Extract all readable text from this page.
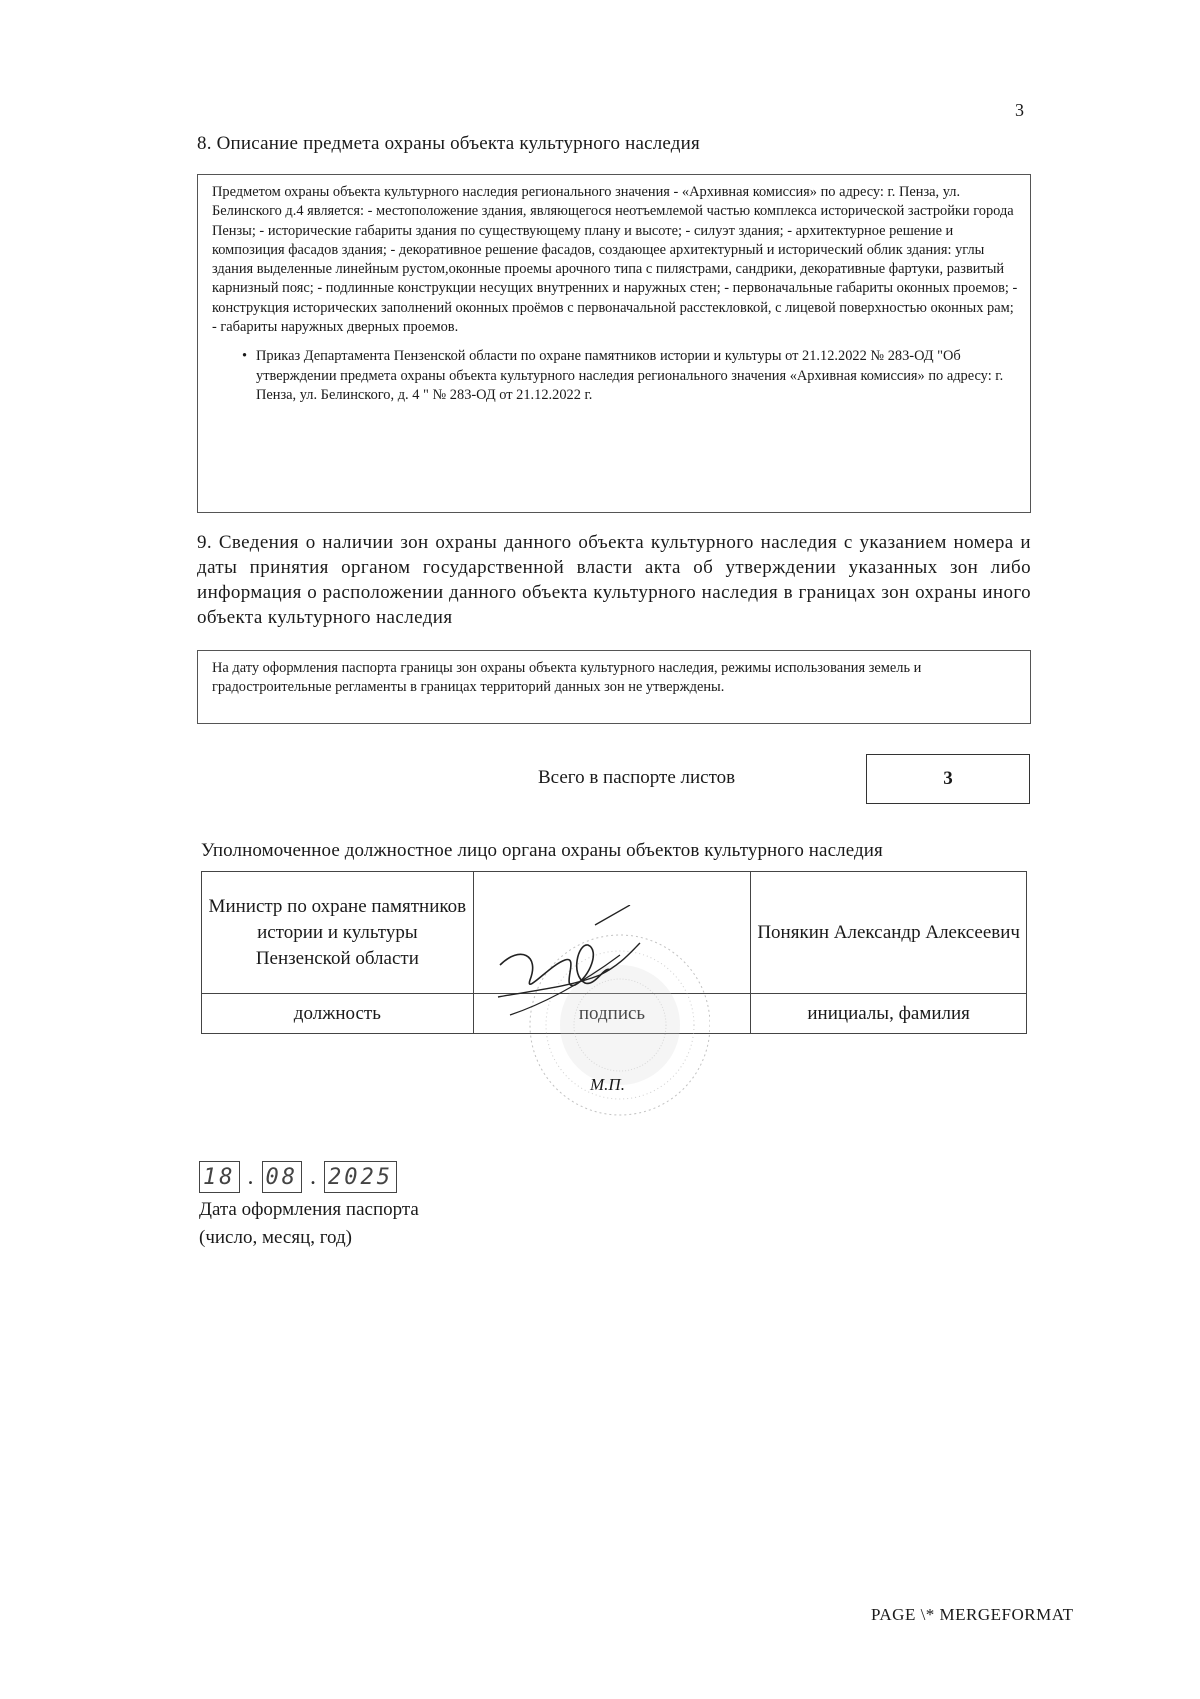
3
8. Описание предмета охраны объекта культурного наследия

Предметом охраны объекта культурного наследия регионального значения - «Архивная комиссия» по адресу: г. Пенза, ул. Белинского д.4 является: - местоположение здания, являющегося неотъемлемой частью комплекса исторической застройки города Пензы; - исторические габариты здания по существующему плану и высоте; - силуэт здания; - архитектурное решение и композиция фасадов здания; - декоративное решение фасадов, создающее архитектурный и исторический облик здания: углы здания выделенные линейным рустом,оконные проемы арочного типа с пилястрами, сандрики, декоративные фартуки, развитый карнизный пояс; - подлинные конструкции несущих внутренних и наружных стен; - первоначальные габариты оконных проемов; - конструкция исторических заполнений оконных проёмов с первоначальной расстекловкой, с лицевой поверхностью оконных рам; - габариты наружных дверных проемов.

• Приказ Департамента Пензенской области по охране памятников истории и культуры от 21.12.2022 № 283-ОД "Об утверждении предмета охраны объекта культурного наследия регионального значения «Архивная комиссия» по адресу: г. Пенза, ул. Белинского, д. 4 " № 283-ОД от 21.12.2022 г.
9. Сведения о наличии зон охраны данного объекта культурного наследия с указанием номера и даты принятия органом государственной власти акта об утверждении указанных зон либо информация о расположении данного объекта культурного наследия в границах зон охраны иного объекта культурного наследия

На дату оформления паспорта границы зон охраны объекта культурного наследия, режимы использования земель и градостроительные регламенты в границах территорий данных зон не утверждены.

Всего в паспорте листов	3
Уполномоченное должностное лицо органа охраны объектов культурного наследия
Министр по охране памятников истории и культуры Пензенской области		Понякин Александр Алексеевич
должность	подпись	инициалы, фамилия
М.П.
18 . 08 . 2025
Дата оформления паспорта
(число, месяц, год)
PAGE \* MERGEFORMAT
